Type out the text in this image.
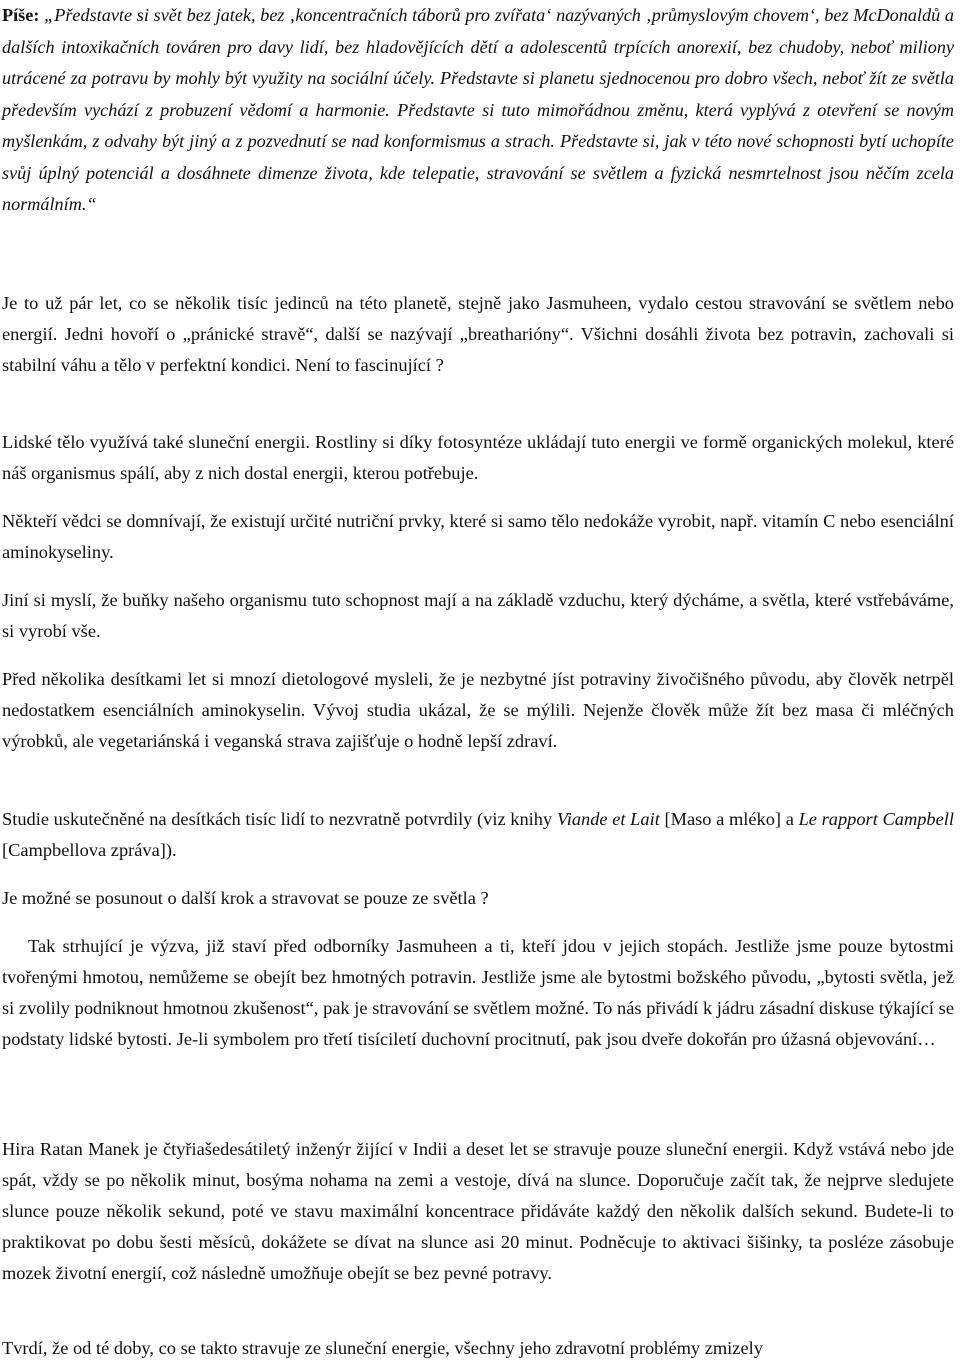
Píše: „Představte si svět bez jatek, bez ‚koncentračních táborů pro zvířata‘ nazývaných ‚průmyslovým chovem‘, bez McDonaldů a dalších intoxikačních továren pro davy lidí, bez hladovějících dětí a adolescentů trpících anorexií, bez chudoby, neboť miliony utrácené za potravu by mohly být využity na sociální účely. Představte si planetu sjednocenou pro dobro všech, neboť žít ze světla především vychází z probuzení vědomí a harmonie. Představte si tuto mimořádnou změnu, která vyplývá z otevření se novým myšlenkám, z odvahy být jiný a z pozvednutí se nad konformismus a strach. Představte si, jak v této nové schopnosti bytí uchopíte svůj úplný potenciál a dosáhnete dimenze života, kde telepatie, stravování se světlem a fyzická nesmrtelnost jsou něčím zcela normálním.“

Je to už pár let, co se několik tisíc jedinců na této planetě, stejně jako Jasmuheen, vydalo cestou stravování se světlem nebo energií. Jedni hovoří o „pránické stravě“, další se nazývají „breatharióny“. Všichni dosáhli života bez potravin, zachovali si stabilní váhu a tělo v perfektní kondici. Není to fascinující ?

Lidské tělo využívá také sluneční energii. Rostliny si díky fotosyntéze ukládají tuto energii ve formě organických molekul, které náš organismus spálí, aby z nich dostal energii, kterou potřebuje.

Někteří vědci se domnívají, že existují určité nutriční prvky, které si samo tělo nedokáže vyrobit, např. vitamín C nebo esenciální aminokyseliny.

Jiní si myslí, že buňky našeho organismu tuto schopnost mají a na základě vzduchu, který dýcháme, a světla, které vstřebáváme, si vyrobí vše.

Před několika desítkami let si mnozí dietologové mysleli, že je nezbytné jíst potraviny živočišného původu, aby člověk netrpěl nedostatkem esenciálních aminokyselin. Vývoj studia ukázal, že se mýlili. Nejenže člověk může žít bez masa či mléčných výrobků, ale vegetariánská i veganská strava zajišťuje o hodně lepší zdraví.

Studie uskutečněné na desítkách tisíc lidí to nezvratně potvrdily (viz knihy Viande et Lait [Maso a mléko] a Le rapport Campbell [Campbellova zpráva]).

Je možné se posunout o další krok a stravovat se pouze ze světla ?

Tak strhující je výzva, již staví před odborníky Jasmuheen a ti, kteří jdou v jejich stopách. Jestliže jsme pouze bytostmi tvořenými hmotou, nemůžeme se obejít bez hmotných potravin. Jestliže jsme ale bytostmi božského původu, „bytosti světla, jež si zvolily podniknout hmotnou zkušenost“, pak je stravování se světlem možné. To nás přivádí k jádru zásadní diskuse týkající se podstaty lidské bytosti. Je-li symbolem pro třetí tisíciletí duchovní procitnutí, pak jsou dveře dokořán pro úžasná objevování…

Hira Ratan Manek je čtyřiašedesátiletý inženýr žijící v Indii a deset let se stravuje pouze sluneční energii. Když vstává nebo jde spát, vždy se po několik minut, bosýma nohama na zemi a vestoje, dívá na slunce. Doporučuje začít tak, že nejprve sledujete slunce pouze několik sekund, poté ve stavu maximální koncentrace přidáváte každý den několik dalších sekund. Budete-li to praktikovat po dobu šesti měsíců, dokážete se dívat na slunce asi 20 minut. Podněcuje to aktivaci šišinky, ta posléze zásobuje mozek životní energií, což následně umožňuje obejít se bez pevné potravy.

Tvrdí, že od té doby, co se takto stravuje ze sluneční energie, všechny jeho zdravotní problémy zmizely
